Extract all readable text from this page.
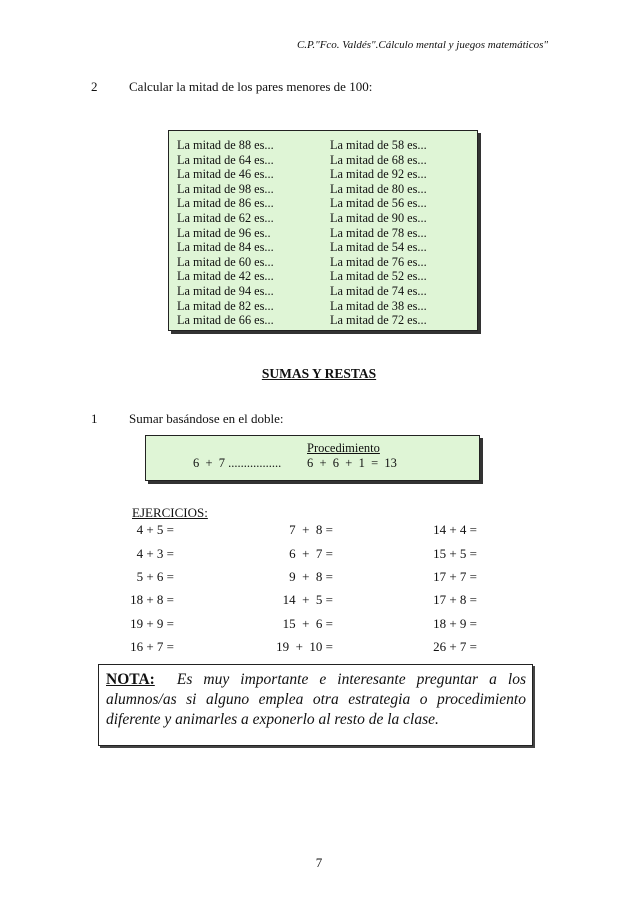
C.P."Fco. Valdés".Cálculo mental y juegos matemáticos"
2 Calcular la mitad de los pares menores de 100:
La mitad de 88 es...
La mitad de 64 es...
La mitad de 46 es...
La mitad de 98 es...
La mitad de 86 es...
La mitad de 62 es...
La mitad de 96 es..
La mitad de 84 es...
La mitad de 60 es...
La mitad de 42 es...
La mitad de 94 es...
La mitad de 82 es...
La mitad de 66 es...
La mitad de 58 es...
La mitad de 68 es...
La mitad de 92 es...
La mitad de 80 es...
La mitad de 56 es...
La mitad de 90 es...
La mitad de 78 es...
La mitad de 54 es...
La mitad de 76 es...
La mitad de 52 es...
La mitad de 74 es...
La mitad de 38 es...
La mitad de 72 es...
SUMAS Y RESTAS
1 Sumar basándose en el doble:
Procedimiento
6  +  7 ................. 6  +  6  +  1  =  13
EJERCICIOS:
4 + 5 =
4 + 3 =
5 + 6 =
18 + 8 =
19 + 9 =
16 + 7 =
7  +  8 =
6  +  7 =
9  +  8 =
14  +  5 =
15  +  6 =
19  +  10 =
14 + 4 =
15 + 5 =
17 + 7 =
17 + 8 =
18 + 9 =
26 + 7 =
NOTA: Es muy importante e interesante preguntar a los alumnos/as si alguno emplea otra estrategia o procedimiento diferente y animarles a exponerlo al resto de la clase.
7
